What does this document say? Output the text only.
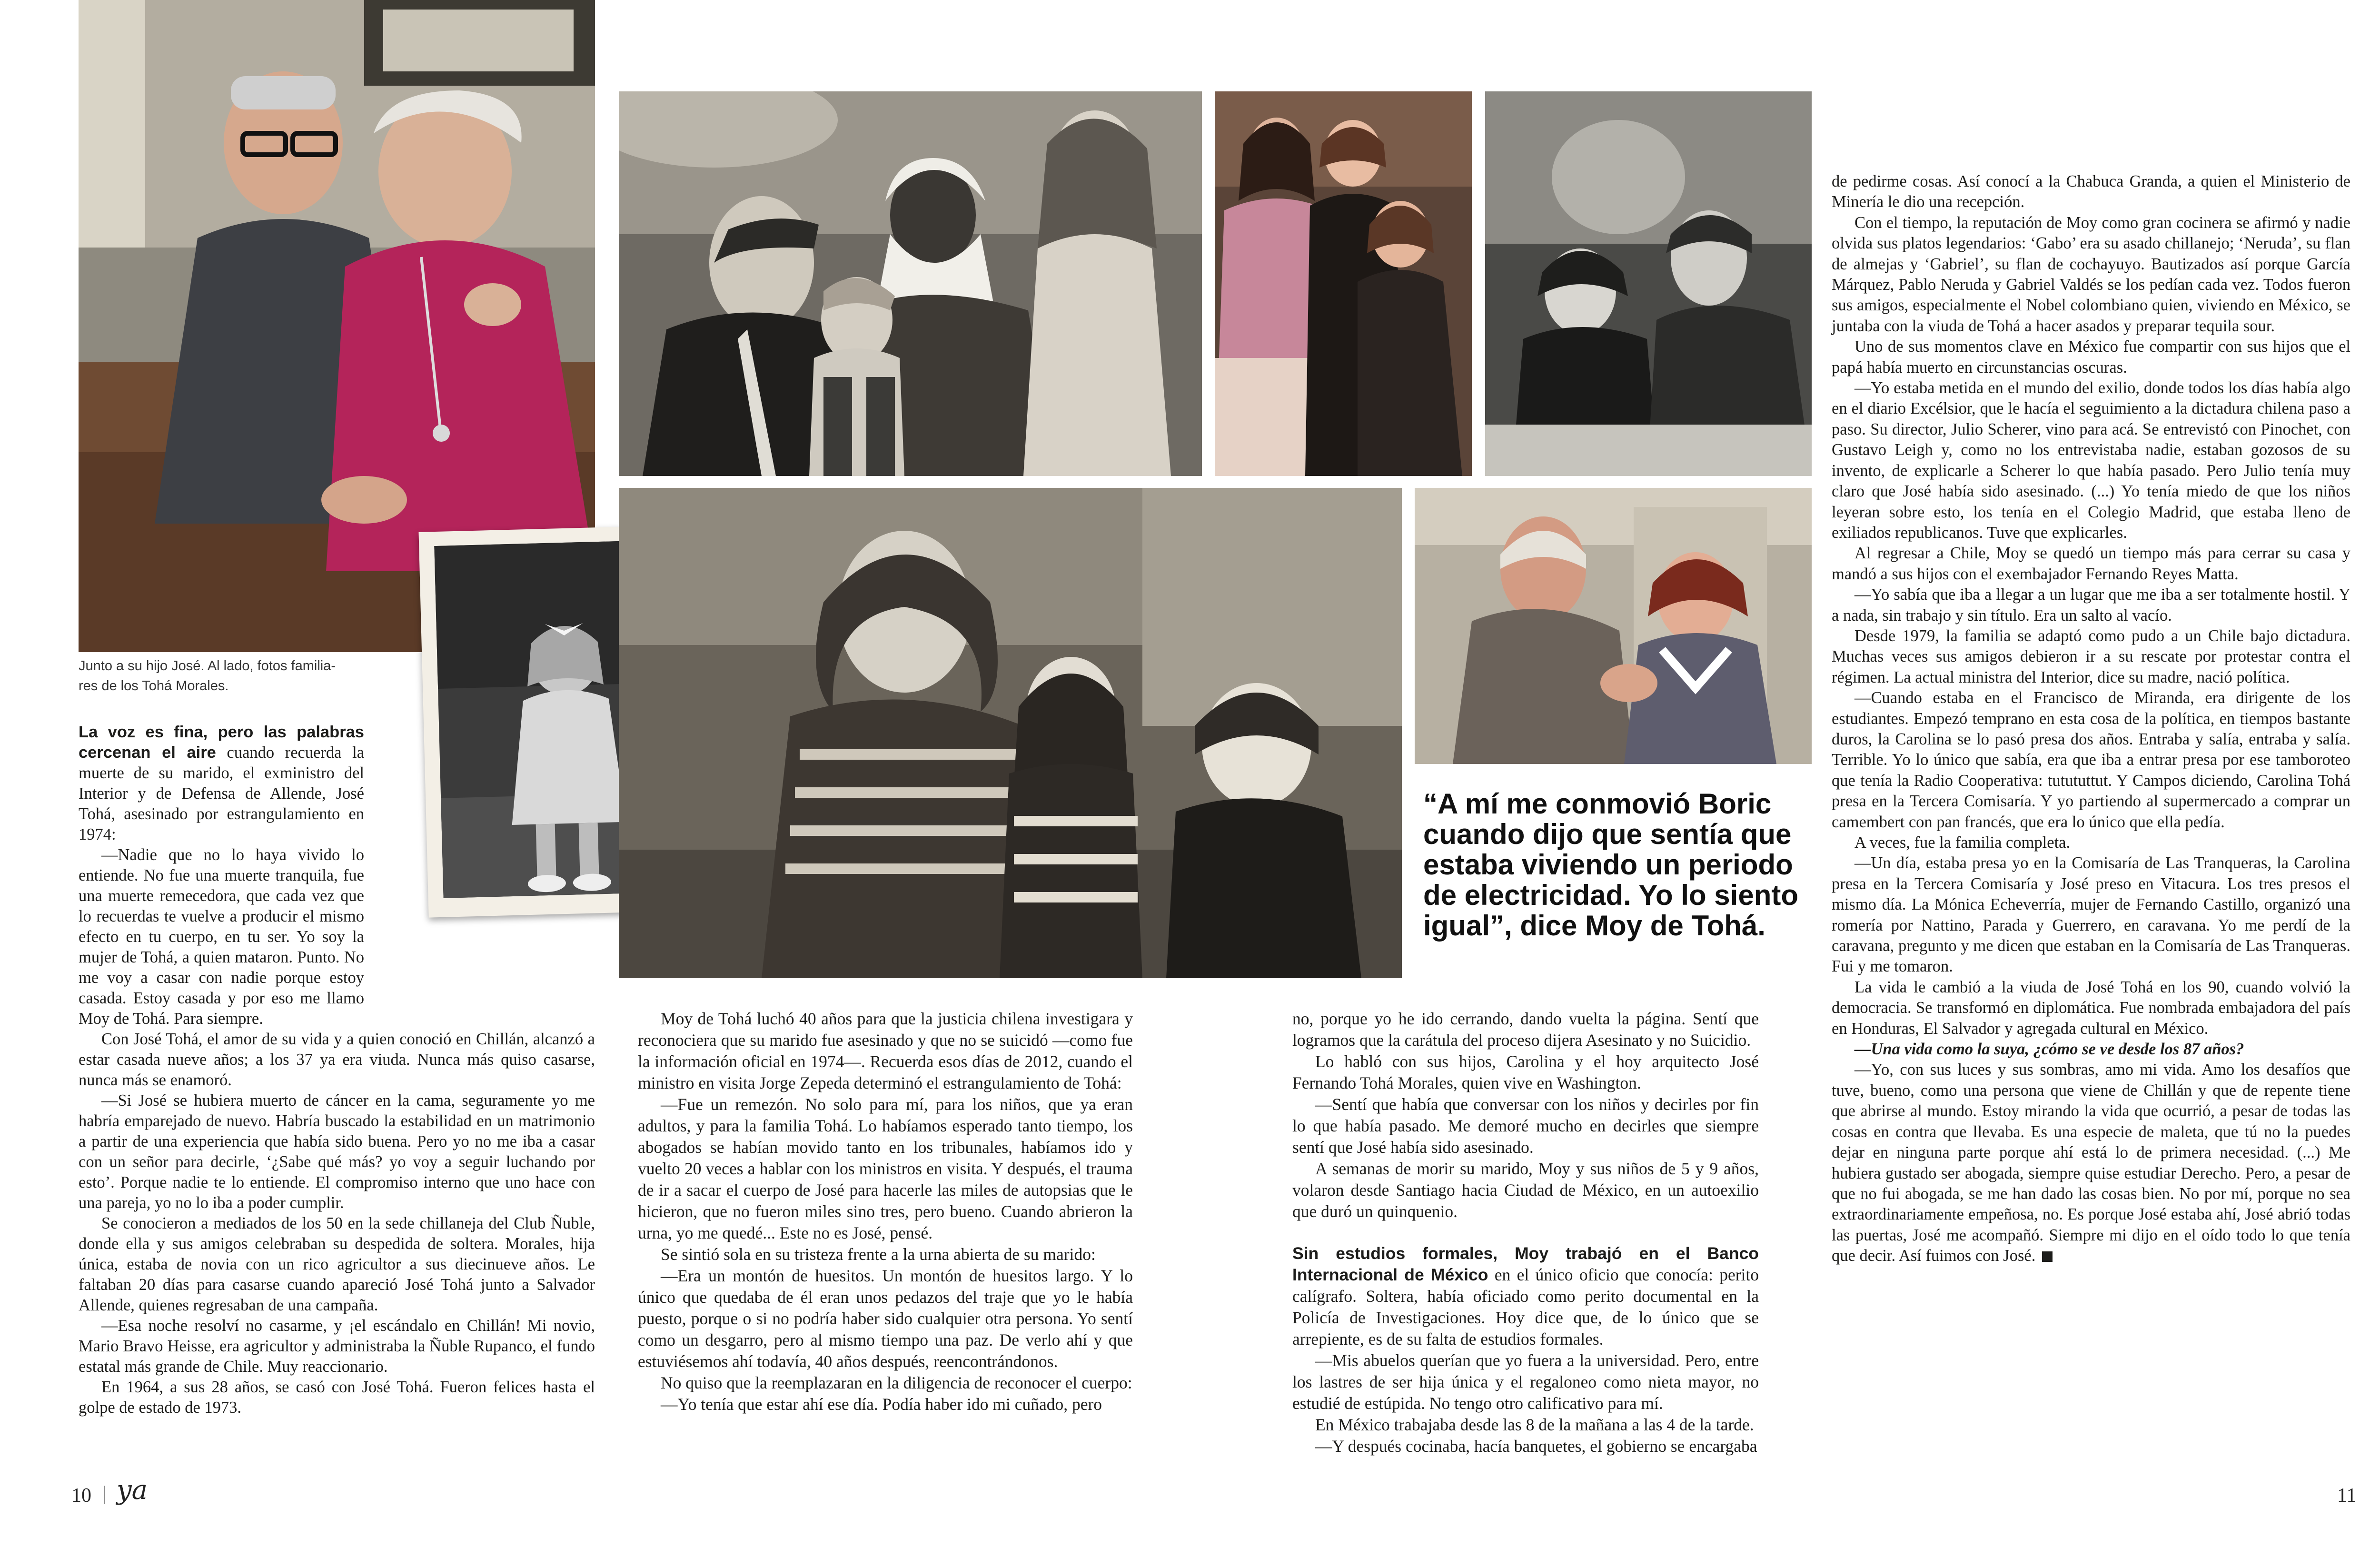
Junto a su hijo José. Al lado, fotos familia-
res de los Tohá Morales.
“A mí me conmovió Boric cuando dijo que sentía que estaba viviendo un periodo de electricidad. Yo lo siento igual”, dice Moy de Tohá.

La voz es fina, pero las palabras cercenan el aire cuando recuerda la muerte de su marido, el exministro del Interior y de Defensa de Allende, José Tohá, asesinado por estrangulamiento en 1974:

—Nadie que no lo haya vivido lo entiende. No fue una muerte tranquila, fue una muerte remecedora, que cada vez que lo recuerdas te vuelve a producir el mismo efecto en tu cuerpo, en tu ser. Yo soy la mujer de Tohá, a quien mataron. Punto. No me voy a casar con nadie porque estoy casada. Estoy casada y por eso me llamo Moy de Tohá. Para siempre.

Con José Tohá, el amor de su vida y a quien conoció en Chillán, alcanzó a estar casada nueve años; a los 37 ya era viuda. Nunca más quiso casarse, nunca más se enamoró.

—Si José se hubiera muerto de cáncer en la cama, seguramente yo me habría emparejado de nuevo. Habría buscado la estabilidad en un matrimonio a partir de una experiencia que había sido buena. Pero yo no me iba a casar con un señor para decirle, ‘¿Sabe qué más? yo voy a seguir luchando por esto’. Porque nadie te lo entiende. El compromiso interno que uno hace con una pareja, yo no lo iba a poder cumplir.

Se conocieron a mediados de los 50 en la sede chillaneja del Club Ñuble, donde ella y sus amigos celebraban su despedida de soltera. Morales, hija única, estaba de novia con un rico agricultor a sus diecinueve años. Le faltaban 20 días para casarse cuando apareció José Tohá junto a Salvador Allende, quienes regresaban de una campaña.

—Esa noche resolví no casarme, y ¡el escándalo en Chillán! Mi novio, Mario Bravo Heisse, era agricultor y administraba la Ñuble Rupanco, el fundo estatal más grande de Chile. Muy reaccionario.

En 1964, a sus 28 años, se casó con José Tohá. Fueron felices hasta el golpe de estado de 1973.

Moy de Tohá luchó 40 años para que la justicia chilena investigara y reconociera que su marido fue asesinado y que no se suicidó —como fue la información oficial en 1974—. Recuerda esos días de 2012, cuando el ministro en visita Jorge Zepeda determinó el estrangulamiento de Tohá:

—Fue un remezón. No solo para mí, para los niños, que ya eran adultos, y para la familia Tohá. Lo habíamos esperado tanto tiempo, los abogados se habían movido tanto en los tribunales, habíamos ido y vuelto 20 veces a hablar con los ministros en visita. Y después, el trauma de ir a sacar el cuerpo de José para hacerle las miles de autopsias que le hicieron, que no fueron miles sino tres, pero bueno. Cuando abrieron la urna, yo me quedé... Este no es José, pensé.

Se sintió sola en su tristeza frente a la urna abierta de su marido:

—Era un montón de huesitos. Un montón de huesitos largo. Y lo único que quedaba de él eran unos pedazos del traje que yo le había puesto, porque o si no podría haber sido cualquier otra persona. Yo sentí como un desgarro, pero al mismo tiempo una paz. De verlo ahí y que estuviésemos ahí todavía, 40 años después, reencontrándonos.

No quiso que la reemplazaran en la diligencia de reconocer el cuerpo:

—Yo tenía que estar ahí ese día. Podía haber ido mi cuñado, pero

no, porque yo he ido cerrando, dando vuelta la página. Sentí que logramos que la carátula del proceso dijera Asesinato y no Suicidio.

Lo habló con sus hijos, Carolina y el hoy arquitecto José Fernando Tohá Morales, quien vive en Washington.

—Sentí que había que conversar con los niños y decirles por fin lo que había pasado. Me demoré mucho en decirles que siempre sentí que José había sido asesinado.

A semanas de morir su marido, Moy y sus niños de 5 y 9 años, volaron desde Santiago hacia Ciudad de México, en un autoexilio que duró un quinquenio.

Sin estudios formales, Moy trabajó en el Banco Internacional de México en el único oficio que conocía: perito calígrafo. Soltera, había oficiado como perito documental en la Policía de Investigaciones. Hoy dice que, de lo único que se arrepiente, es de su falta de estudios formales.

—Mis abuelos querían que yo fuera a la universidad. Pero, entre los lastres de ser hija única y el regaloneo como nieta mayor, no estudié de estúpida. No tengo otro calificativo para mí.

En México trabajaba desde las 8 de la mañana a las 4 de la tarde.

—Y después cocinaba, hacía banquetes, el gobierno se encargaba

de pedirme cosas. Así conocí a la Chabuca Granda, a quien el Ministerio de Minería le dio una recepción.

Con el tiempo, la reputación de Moy como gran cocinera se afirmó y nadie olvida sus platos legendarios: ‘Gabo’ era su asado chillanejo; ‘Neruda’, su flan de almejas y ‘Gabriel’, su flan de cochayuyo. Bautizados así porque García Márquez, Pablo Neruda y Gabriel Valdés se los pedían cada vez. Todos fueron sus amigos, especialmente el Nobel colombiano quien, viviendo en México, se juntaba con la viuda de Tohá a hacer asados y preparar tequila sour.

Uno de sus momentos clave en México fue compartir con sus hijos que el papá había muerto en circunstancias oscuras.

—Yo estaba metida en el mundo del exilio, donde todos los días había algo en el diario Excélsior, que le hacía el seguimiento a la dictadura chilena paso a paso. Su director, Julio Scherer, vino para acá. Se entrevistó con Pinochet, con Gustavo Leigh y, como no los entrevistaba nadie, estaban gozosos de su invento, de explicarle a Scherer lo que había pasado. Pero Julio tenía muy claro que José había sido asesinado. (...) Yo tenía miedo de que los niños leyeran sobre esto, los tenía en el Colegio Madrid, que estaba lleno de exiliados republicanos. Tuve que explicarles.

Al regresar a Chile, Moy se quedó un tiempo más para cerrar su casa y mandó a sus hijos con el exembajador Fernando Reyes Matta.

—Yo sabía que iba a llegar a un lugar que me iba a ser totalmente hostil. Y a nada, sin trabajo y sin título. Era un salto al vacío.

Desde 1979, la familia se adaptó como pudo a un Chile bajo dictadura. Muchas veces sus amigos debieron ir a su rescate por protestar contra el régimen. La actual ministra del Interior, dice su madre, nació política.

—Cuando estaba en el Francisco de Miranda, era dirigente de los estudiantes. Empezó temprano en esta cosa de la política, en tiempos bastante duros, la Carolina se lo pasó presa dos años. Entraba y salía, entraba y salía. Terrible. Yo lo único que sabía, era que iba a entrar presa por ese tamboroteo que tenía la Radio Cooperativa: tutututtut. Y Campos diciendo, Carolina Tohá presa en la Tercera Comisaría. Y yo partiendo al supermercado a comprar un camembert con pan francés, que era lo único que ella pedía.

A veces, fue la familia completa.

—Un día, estaba presa yo en la Comisaría de Las Tranqueras, la Carolina presa en la Tercera Comisaría y José preso en Vitacura. Los tres presos el mismo día. La Mónica Echeverría, mujer de Fernando Castillo, organizó una romería por Nattino, Parada y Guerrero, en caravana. Yo me perdí de la caravana, pregunto y me dicen que estaban en la Comisaría de Las Tranqueras. Fui y me tomaron.

La vida le cambió a la viuda de José Tohá en los 90, cuando volvió la democracia. Se transformó en diplomática. Fue nombrada embajadora del país en Honduras, El Salvador y agregada cultural en México.

—Una vida como la suya, ¿cómo se ve desde los 87 años?

—Yo, con sus luces y sus sombras, amo mi vida. Amo los desafíos que tuve, bueno, como una persona que viene de Chillán y que de repente tiene que abrirse al mundo. Estoy mirando la vida que ocurrió, a pesar de todas las cosas en contra que llevaba. Es una especie de maleta, que tú no la puedes dejar en ninguna parte porque ahí está lo de primera necesidad. (...) Me hubiera gustado ser abogada, siempre quise estudiar Derecho. Pero, a pesar de que no fui abogada, se me han dado las cosas bien. No por mí, porque no sea extraordinariamente empeñosa, no. Es porque José estaba ahí, José abrió todas las puertas, José me acompañó. Siempre mi dijo en el oído todo lo que tenía que decir. Así fuimos con José.

10 | ya	11
